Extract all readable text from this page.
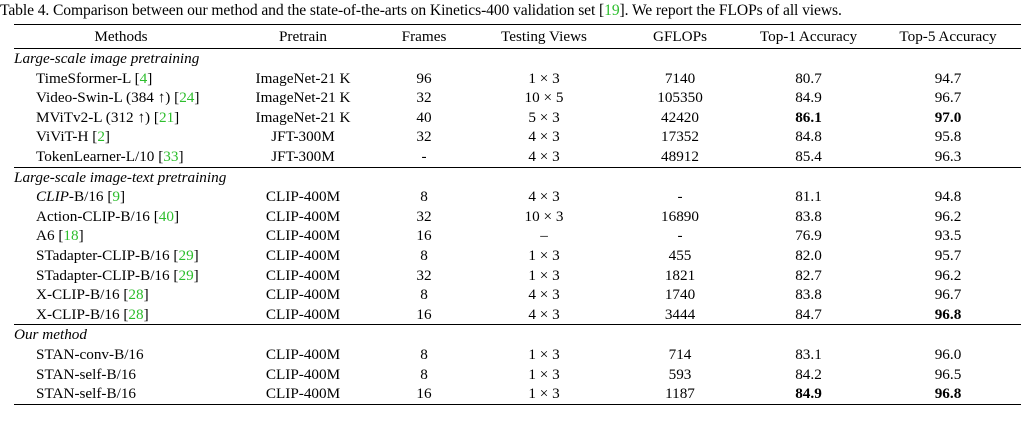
Table 4. Comparison between our method and the state-of-the-arts on Kinetics-400 validation set [19]. We report the FLOPs of all views.
Methods	Pretrain	Frames	Testing Views	GFLOPs	Top-1 Accuracy	Top-5 Accuracy
Large-scale image pretraining						
TimeSformer-L [4]	ImageNet-21 K	96	1 × 3	7140	80.7	94.7
Video-Swin-L (384 ↑) [24]	ImageNet-21 K	32	10 × 5	105350	84.9	96.7
MViTv2-L (312 ↑) [21]	ImageNet-21 K	40	5 × 3	42420	86.1	97.0
ViViT-H [2]	JFT-300M	32	4 × 3	17352	84.8	95.8
TokenLearner-L/10 [33]	JFT-300M	-	4 × 3	48912	85.4	96.3
Large-scale image-text pretraining						
CLIP-B/16 [9]	CLIP-400M	8	4 × 3	-	81.1	94.8
Action-CLIP-B/16 [40]	CLIP-400M	32	10 × 3	16890	83.8	96.2
A6 [18]	CLIP-400M	16	–	-	76.9	93.5
STadapter-CLIP-B/16 [29]	CLIP-400M	8	1 × 3	455	82.0	95.7
STadapter-CLIP-B/16 [29]	CLIP-400M	32	1 × 3	1821	82.7	96.2
X-CLIP-B/16 [28]	CLIP-400M	8	4 × 3	1740	83.8	96.7
X-CLIP-B/16 [28]	CLIP-400M	16	4 × 3	3444	84.7	96.8
Our method						
STAN-conv-B/16	CLIP-400M	8	1 × 3	714	83.1	96.0
STAN-self-B/16	CLIP-400M	8	1 × 3	593	84.2	96.5
STAN-self-B/16	CLIP-400M	16	1 × 3	1187	84.9	96.8
